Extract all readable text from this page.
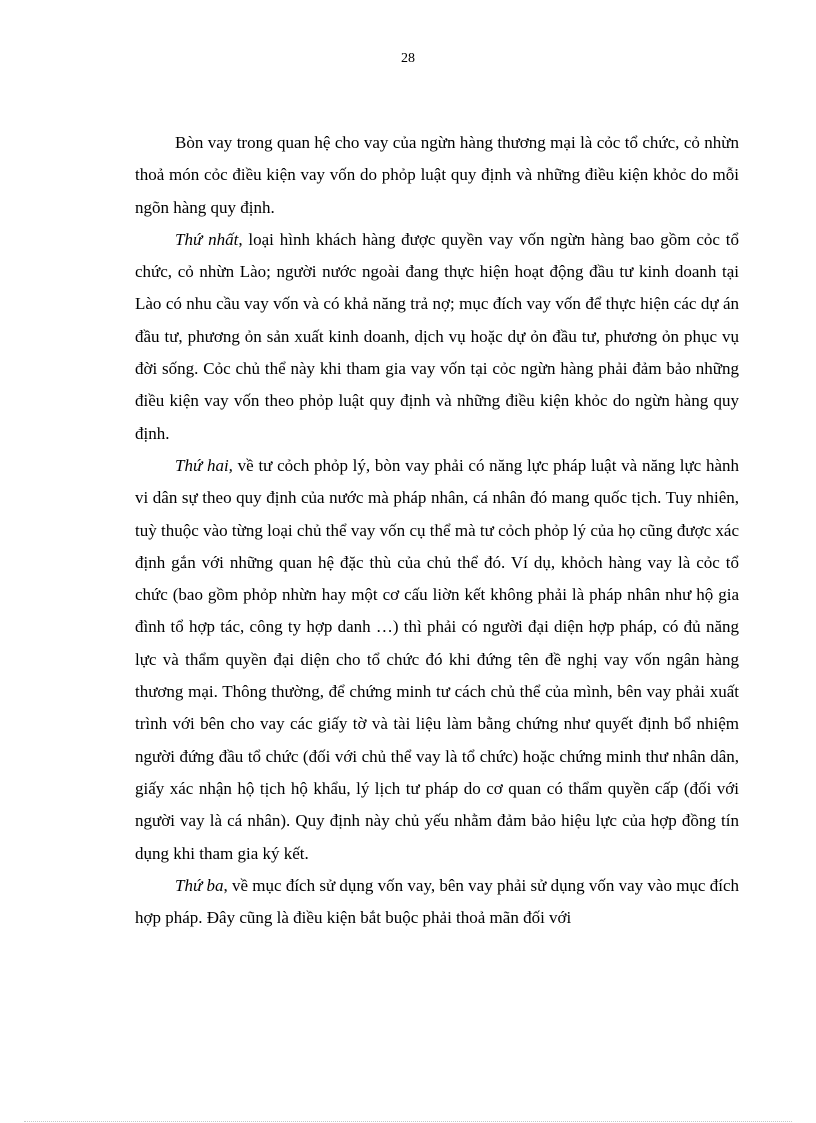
28

Bòn vay trong quan hệ cho vay của ngừn hàng thương mại là cỏc tổ chức, cỏ nhừn thoả món cỏc điều kiện vay vốn do phỏp luật quy định và những điều kiện khỏc do mỗi ngõn hàng quy định.

Thứ nhất, loại hình khách hàng được quyền vay vốn ngừn hàng bao gồm cỏc tổ chức, cỏ nhừn Lào; người nước ngoài đang thực hiện hoạt động đầu tư kinh doanh tại Lào có nhu cầu vay vốn và có khả năng trả nợ; mục đích vay vốn để thực hiện các dự án đầu tư, phương ỏn sản xuất kinh doanh, dịch vụ hoặc dự ỏn đầu tư, phương ỏn phục vụ đời sống. Cỏc chủ thể này khi tham gia vay vốn tại cỏc ngừn hàng phải đảm bảo những điều kiện vay vốn theo phỏp luật quy định và những điều kiện khỏc do ngừn hàng quy định.

Thứ hai, về tư cỏch phỏp lý, bòn vay phải có năng lực pháp luật và năng lực hành vi dân sự theo quy định của nước mà pháp nhân, cá nhân đó mang quốc tịch. Tuy nhiên, tuỳ thuộc vào từng loại chủ thể vay vốn cụ thể mà tư cỏch phỏp lý của họ cũng được xác định gắn với những quan hệ đặc thù của chủ thể đó. Ví dụ, khỏch hàng vay là cỏc tổ chức (bao gồm phỏp nhừn hay một cơ cấu liờn kết không phải là pháp nhân như hộ gia đình tổ hợp tác, công ty hợp danh …) thì phải có người đại diện hợp pháp, có đủ năng lực và thẩm quyền đại diện cho tổ chức đó khi đứng tên đề nghị vay vốn ngân hàng thương mại. Thông thường, để chứng minh tư cách chủ thể của mình, bên vay phải xuất trình với bên cho vay các giấy tờ và tài liệu làm bằng chứng như quyết định bổ nhiệm người đứng đầu tổ chức (đối với chủ thể vay là tổ chức) hoặc chứng minh thư nhân dân, giấy xác nhận hộ tịch hộ khẩu, lý lịch tư pháp do cơ quan có thẩm quyền cấp (đối với người vay là cá nhân). Quy định này chủ yếu nhằm đảm bảo hiệu lực của hợp đồng tín dụng khi tham gia ký kết.

Thứ ba, về mục đích sử dụng vốn vay, bên vay phải sử dụng vốn vay vào mục đích hợp pháp. Đây cũng là điều kiện bắt buộc phải thoả mãn đối với
